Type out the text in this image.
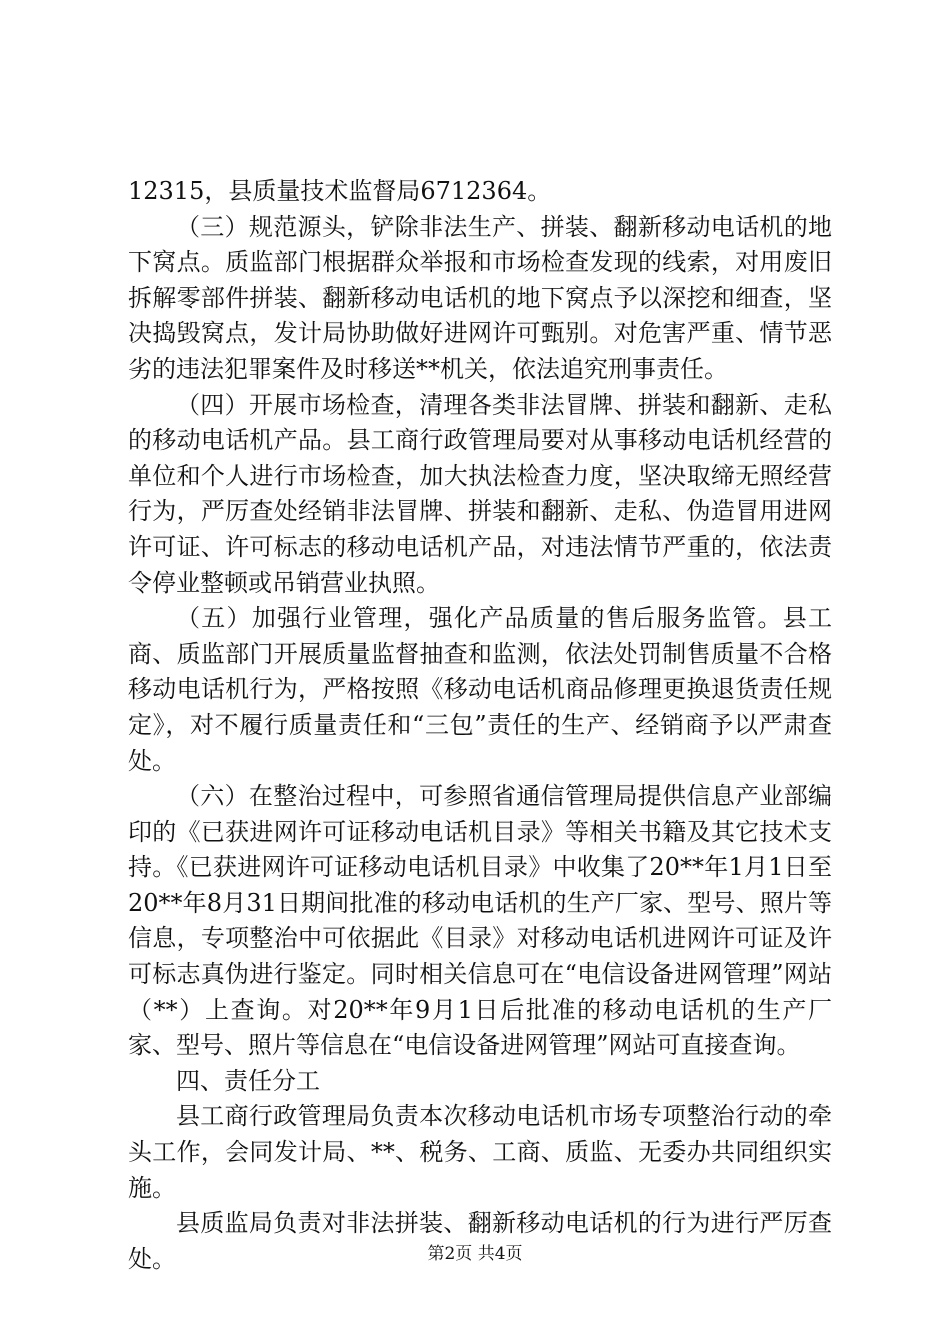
12315，县质量技术监督局6712364。

（三）规范源头，铲除非法生产、拼装、翻新移动电话机的地下窝点。质监部门根据群众举报和市场检查发现的线索，对用废旧拆解零部件拼装、翻新移动电话机的地下窝点予以深挖和细查，坚决捣毁窝点，发计局协助做好进网许可甄别。对危害严重、情节恶劣的违法犯罪案件及时移送**机关，依法追究刑事责任。

（四）开展市场检查，清理各类非法冒牌、拼装和翻新、走私的移动电话机产品。县工商行政管理局要对从事移动电话机经营的单位和个人进行市场检查，加大执法检查力度，坚决取缔无照经营行为，严厉查处经销非法冒牌、拼装和翻新、走私、伪造冒用进网许可证、许可标志的移动电话机产品，对违法情节严重的，依法责令停业整顿或吊销营业执照。

（五）加强行业管理，强化产品质量的售后服务监管。县工商、质监部门开展质量监督抽查和监测，依法处罚制售质量不合格移动电话机行为，严格按照《移动电话机商品修理更换退货责任规定》，对不履行质量责任和“三包”责任的生产、经销商予以严肃查处。

（六）在整治过程中，可参照省通信管理局提供信息产业部编印的《已获进网许可证移动电话机目录》等相关书籍及其它技术支持。《已获进网许可证移动电话机目录》中收集了20**年1月1日至20**年8月31日期间批准的移动电话机的生产厂家、型号、照片等信息，专项整治中可依据此《目录》对移动电话机进网许可证及许可标志真伪进行鉴定。同时相关信息可在“电信设备进网管理”网站（**）上查询。对20**年9月1日后批准的移动电话机的生产厂家、型号、照片等信息在“电信设备进网管理”网站可直接查询。

四、责任分工

县工商行政管理局负责本次移动电话机市场专项整治行动的牵头工作，会同发计局、**、税务、工商、质监、无委办共同组织实施。

县质监局负责对非法拼装、翻新移动电话机的行为进行严厉查处。	第2页 共4页
